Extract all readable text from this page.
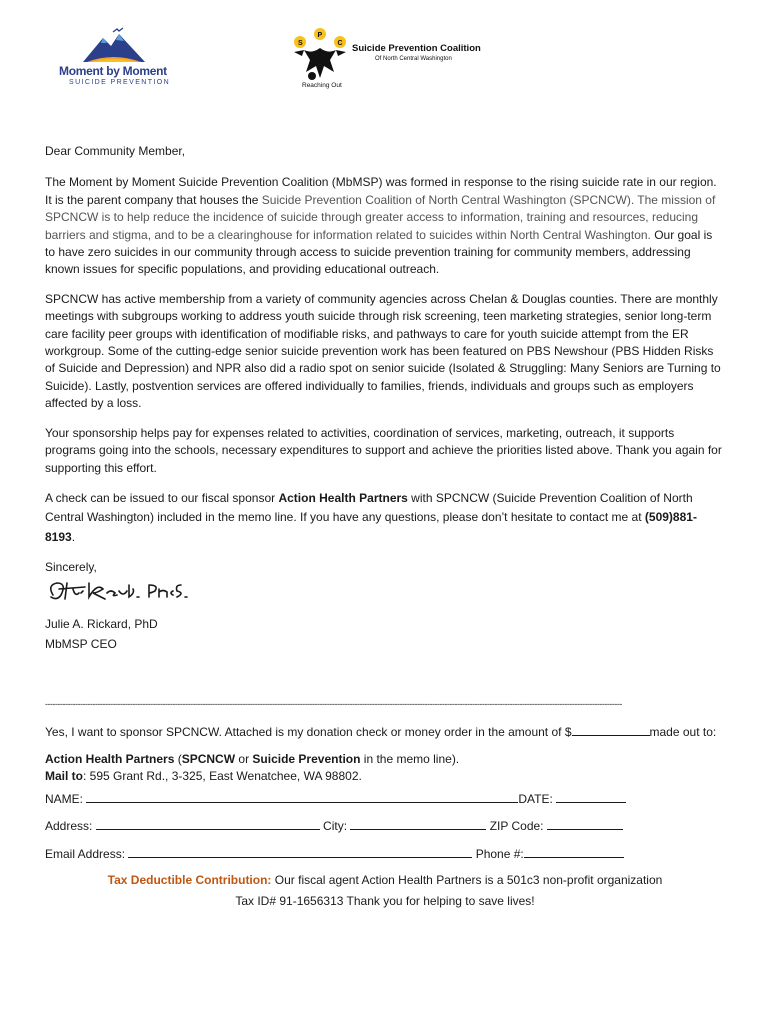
Moment by Moment
SUICIDE PREVENTION
P
S	C Suicide Prevention Coalition
Of North Central Washington
Reaching Out

Dear Community Member,

The Moment by Moment Suicide Prevention Coalition (MbMSP) was formed in response to the rising suicide rate in our region. It is the parent company that houses the Suicide Prevention Coalition of North Central Washington (SPCNCW). The mission of SPCNCW is to help reduce the incidence of suicide through greater access to information, training and resources, reducing barriers and stigma, and to be a clearinghouse for information related to suicides within North Central Washington. Our goal is to have zero suicides in our community through access to suicide prevention training for community members, addressing known issues for specific populations, and providing educational outreach.

SPCNCW has active membership from a variety of community agencies across Chelan & Douglas counties. There are monthly meetings with subgroups working to address youth suicide through risk screening, teen marketing strategies, senior long-term care facility peer groups with identification of modifiable risks, and pathways to care for youth suicide attempt from the ER workgroup. Some of the cutting-edge senior suicide prevention work has been featured on PBS Newshour (PBS Hidden Risks of Suicide and Depression) and NPR also did a radio spot on senior suicide (Isolated & Struggling: Many Seniors are Turning to Suicide). Lastly, postvention services are offered individually to families, friends, individuals and groups such as employers affected by a loss.

Your sponsorship helps pay for expenses related to activities, coordination of services, marketing, outreach, it supports programs going into the schools, necessary expenditures to support and achieve the priorities listed above. Thank you again for supporting this effort.

A check can be issued to our fiscal sponsor Action Health Partners with SPCNCW (Suicide Prevention Coalition of North Central Washington) included in the memo line. If you have any questions, please don’t hesitate to contact me at (509)881-8193.

Sincerely,

Julie A. Rickard, PhD

MbMSP CEO

---------------------------------------------------------------------------------------------------------------------------------------------------------------------------------------------------------------------------------------

Yes, I want to sponsor SPCNCW. Attached is my donation check or money order in the amount of $	made out to:

Action Health Partners (SPCNCW or Suicide Prevention in the memo line).

Mail to: 595 Grant Rd., 3-325, East Wenatchee, WA 98802.

NAME:	DATE:
Address:	City:	ZIP Code:
Email Address:	Phone #:

Tax Deductible Contribution: Our fiscal agent Action Health Partners is a 501c3 non-profit organization

Tax ID# 91-1656313 Thank you for helping to save lives!
